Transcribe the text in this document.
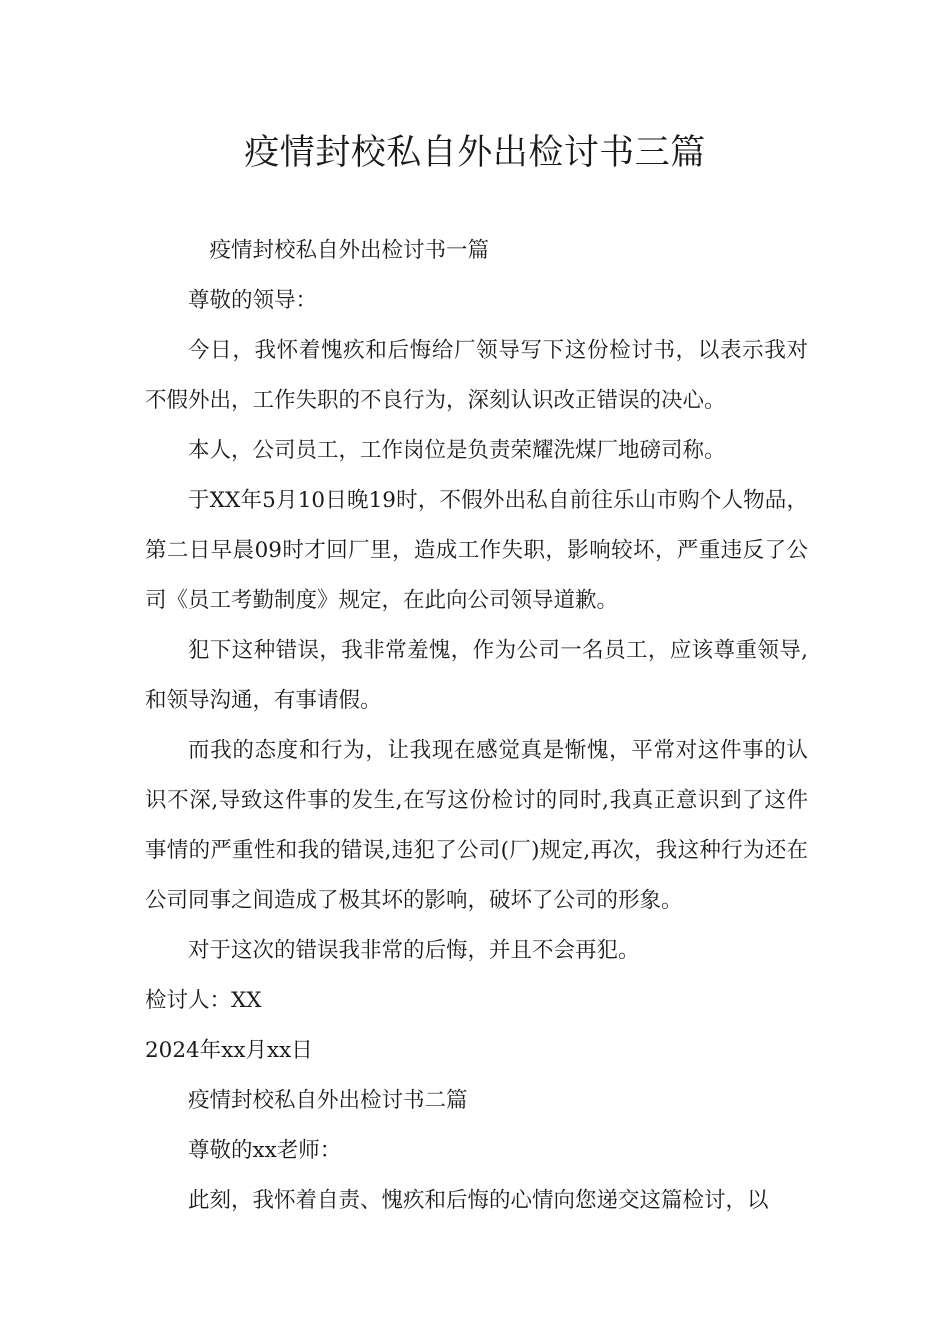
疫情封校私自外出检讨书三篇

疫情封校私自外出检讨书一篇

尊敬的领导：

今日，我怀着愧疚和后悔给厂领导写下这份检讨书，以表示我对不假外出，工作失职的不良行为，深刻认识改正错误的决心。

本人，公司员工，工作岗位是负责荣耀洗煤厂地磅司称。

于XX年5月10日晚19时，不假外出私自前往乐山市购个人物品，第二日早晨09时才回厂里，造成工作失职，影响较坏，严重违反了公司《员工考勤制度》规定，在此向公司领导道歉。

犯下这种错误，我非常羞愧，作为公司一名员工，应该尊重领导,和领导沟通，有事请假。

而我的态度和行为，让我现在感觉真是惭愧，平常对这件事的认识不深,导致这件事的发生,在写这份检讨的同时,我真正意识到了这件事情的严重性和我的错误,违犯了公司(厂)规定,再次，我这种行为还在公司同事之间造成了极其坏的影响，破坏了公司的形象。

对于这次的错误我非常的后悔，并且不会再犯。

检讨人：XX

2024年xx月xx日

疫情封校私自外出检讨书二篇

尊敬的xx老师：

此刻，我怀着自责、愧疚和后悔的心情向您递交这篇检讨，以
